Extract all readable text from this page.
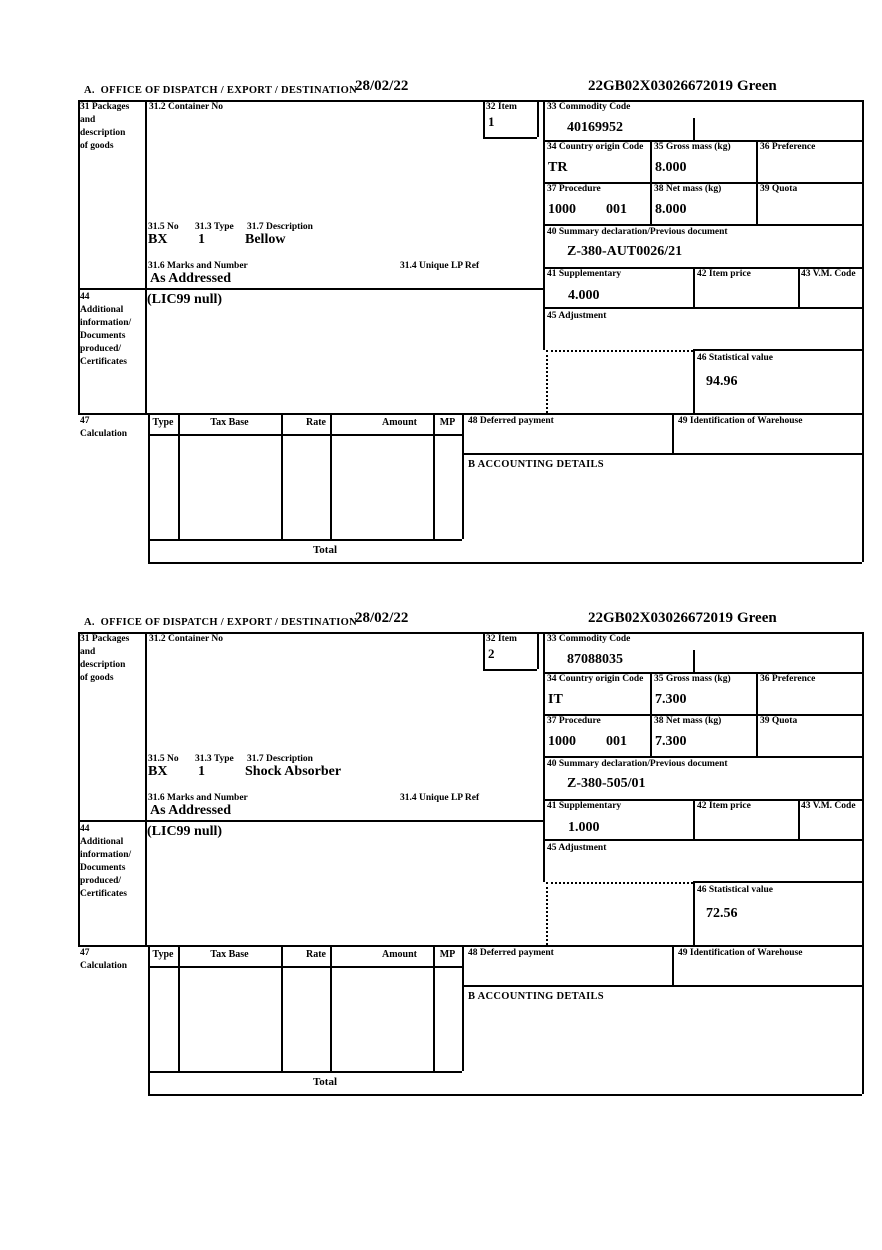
A.  OFFICE OF DISPATCH / EXPORT / DESTINATION
28/02/22	22GB02X03026672019 Green
31 Packages
and
description
of goods
31.2 Container No	32 Item
1
31.5 No 31.3 Type 31.7 Description
BX 1	Bellow
31.6 Marks and Number	31.4 Unique LP Ref
As Addressed
44
Additional
information/
Documents
produced/
Certificates
(LIC99 null)
33 Commodity Code
40169952
34 Country origin Code
TR
35 Gross mass (kg)
8.000
36 Preference
37 Procedure
1000 001
38 Net mass (kg)
8.000
39 Quota
40 Summary declaration/Previous document
Z-380-AUT0026/21
41 Supplementary
4.000
42 Item price	43 V.M. Code
45 Adjustment
46 Statistical value
94.96
47
Calculation
Type	Tax Base	Rate	Amount	MP
Total
48 Deferred payment	49 Identification of Warehouse
B ACCOUNTING DETAILS
A.  OFFICE OF DISPATCH / EXPORT / DESTINATION
28/02/22	22GB02X03026672019 Green
31 Packages
and
description
of goods
31.2 Container No	32 Item
2
31.5 No 31.3 Type 31.7 Description
BX 1	Shock Absorber
31.6 Marks and Number	31.4 Unique LP Ref
As Addressed
44
Additional
information/
Documents
produced/
Certificates
(LIC99 null)
33 Commodity Code
87088035
34 Country origin Code
IT
35 Gross mass (kg)
7.300
36 Preference
37 Procedure
1000 001
38 Net mass (kg)
7.300
39 Quota
40 Summary declaration/Previous document
Z-380-505/01
41 Supplementary
1.000
42 Item price	43 V.M. Code
45 Adjustment
46 Statistical value
72.56
47
Calculation
Type	Tax Base	Rate	Amount	MP
Total
48 Deferred payment	49 Identification of Warehouse
B ACCOUNTING DETAILS
